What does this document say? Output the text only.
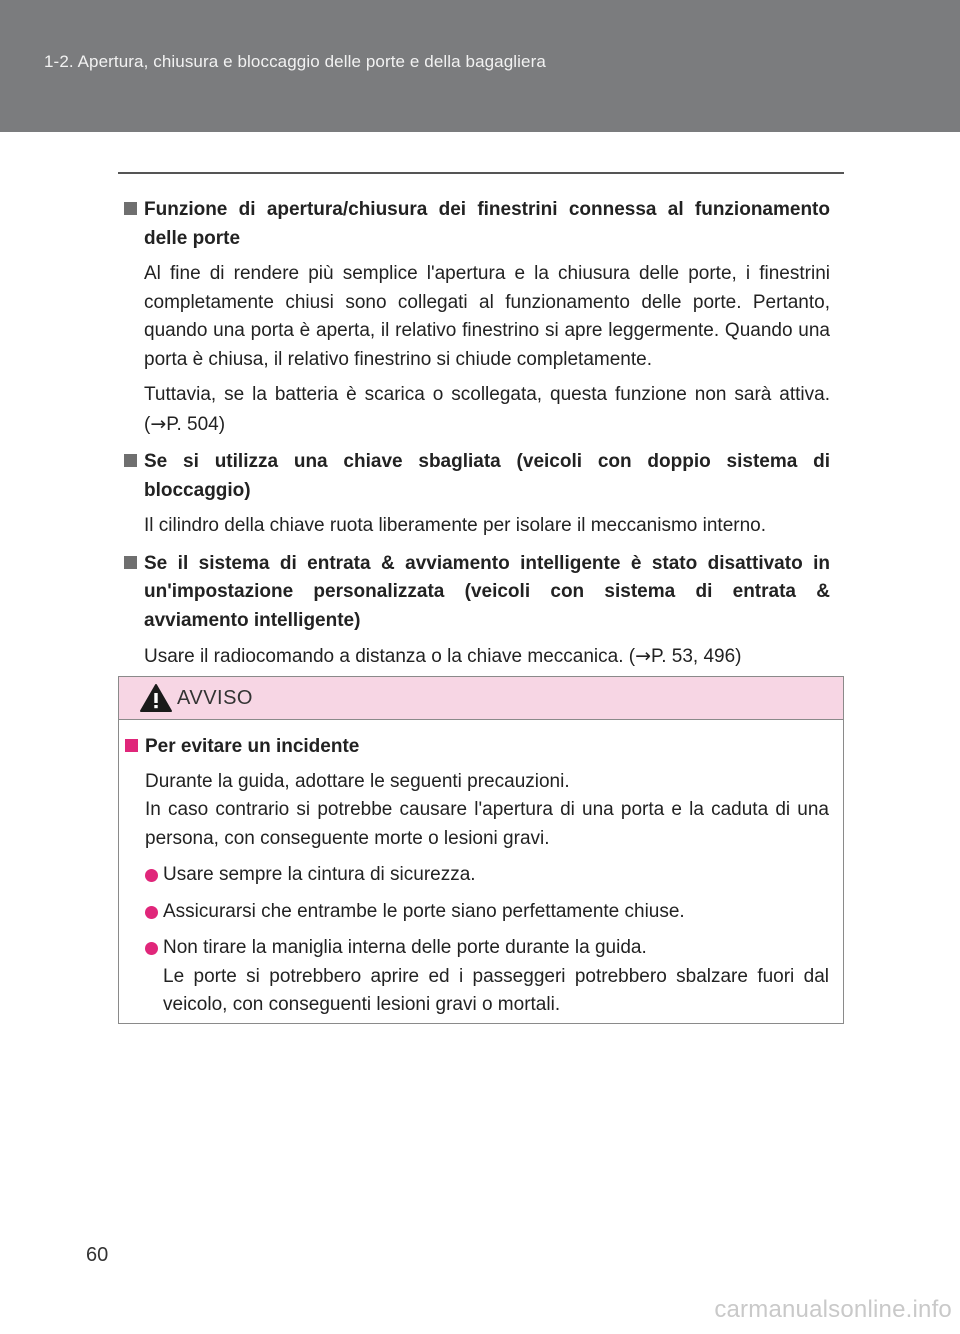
1-2. Apertura, chiusura e bloccaggio delle porte e della bagagliera

Funzione di apertura/chiusura dei finestrini connessa al funzionamento delle porte

Al fine di rendere più semplice l'apertura e la chiusura delle porte, i finestrini completamente chiusi sono collegati al funzionamento delle porte. Pertanto, quando una porta è aperta, il relativo finestrino si apre leggermente. Quando una porta è chiusa, il relativo finestrino si chiude completamente.

Tuttavia, se la batteria è scarica o scollegata, questa funzione non sarà attiva. (→P. 504)

Se si utilizza una chiave sbagliata (veicoli con doppio sistema di bloccaggio)

Il cilindro della chiave ruota liberamente per isolare il meccanismo interno.

Se il sistema di entrata & avviamento intelligente è stato disattivato in un'impostazione personalizzata (veicoli con sistema di entrata & avviamento intelligente)

Usare il radiocomando a distanza o la chiave meccanica. (→P. 53, 496)

AVVISO

Per evitare un incidente

Durante la guida, adottare le seguenti precauzioni.
In caso contrario si potrebbe causare l'apertura di una porta e la caduta di una persona, con conseguente morte o lesioni gravi.

Usare sempre la cintura di sicurezza.
Assicurarsi che entrambe le porte siano perfettamente chiuse.
Non tirare la maniglia interna delle porte durante la guida.
Le porte si potrebbero aprire ed i passeggeri potrebbero sbalzare fuori dal veicolo, con conseguenti lesioni gravi o mortali.
60
carmanualsonline.info
